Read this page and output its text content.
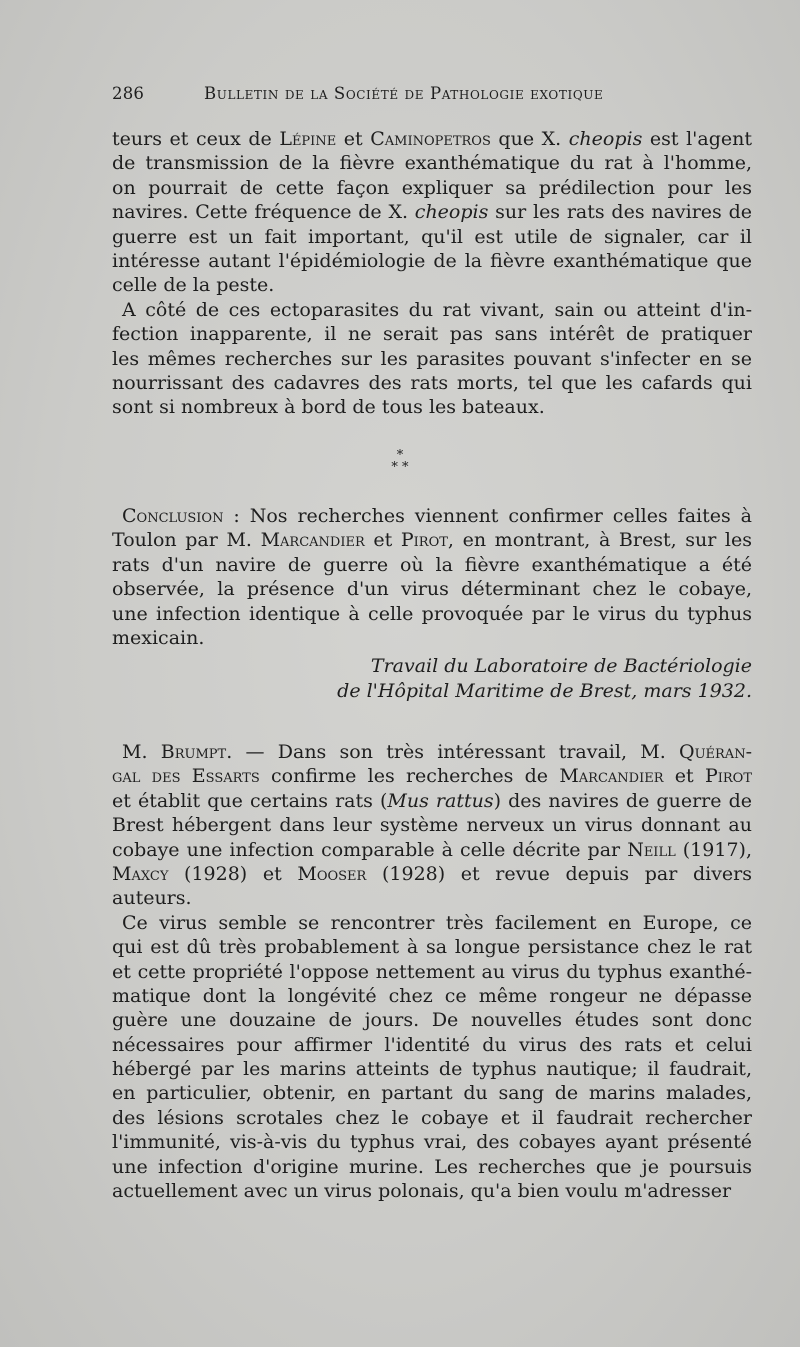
286	Bulletin de la Société de Pathologie exotique
teurs et ceux de Lépine et Caminopetros que X. cheopis est l'agent
de transmission de la fièvre exanthématique du rat à l'homme,
on pourrait de cette façon expliquer sa prédilection pour les
navires. Cette fréquence de X. cheopis sur les rats des navires de
guerre est un fait important, qu'il est utile de signaler, car il
intéresse autant l'épidémiologie de la fièvre exanthématique que
celle de la peste.
A côté de ces ectoparasites du rat vivant, sain ou atteint d'in-
fection inapparente, il ne serait pas sans intérêt de pratiquer
les mêmes recherches sur les parasites pouvant s'infecter en se
nourrissant des cadavres des rats morts, tel que les cafards qui
sont si nombreux à bord de tous les bateaux.
*
* *
Conclusion : Nos recherches viennent confirmer celles faites à
Toulon par M. Marcandier et Pirot, en montrant, à Brest, sur les
rats d'un navire de guerre où la fièvre exanthématique a été
observée, la présence d'un virus déterminant chez le cobaye,
une infection identique à celle provoquée par le virus du typhus
mexicain.
Travail du Laboratoire de Bactériologie
de l'Hôpital Maritime de Brest, mars 1932.
M. Brumpt. — Dans son très intéressant travail, M. Quéran-
gal des Essarts confirme les recherches de Marcandier et Pirot
et établit que certains rats (Mus rattus) des navires de guerre de
Brest hébergent dans leur système nerveux un virus donnant au
cobaye une infection comparable à celle décrite par Neill (1917),
Maxcy (1928) et Mooser (1928) et revue depuis par divers
auteurs.
Ce virus semble se rencontrer très facilement en Europe, ce
qui est dû très probablement à sa longue persistance chez le rat
et cette propriété l'oppose nettement au virus du typhus exanthé-
matique dont la longévité chez ce même rongeur ne dépasse
guère une douzaine de jours. De nouvelles études sont donc
nécessaires pour affirmer l'identité du virus des rats et celui
hébergé par les marins atteints de typhus nautique; il faudrait,
en particulier, obtenir, en partant du sang de marins malades,
des lésions scrotales chez le cobaye et il faudrait rechercher
l'immunité, vis-à-vis du typhus vrai, des cobayes ayant présenté
une infection d'origine murine. Les recherches que je poursuis
actuellement avec un virus polonais, qu'a bien voulu m'adresser
